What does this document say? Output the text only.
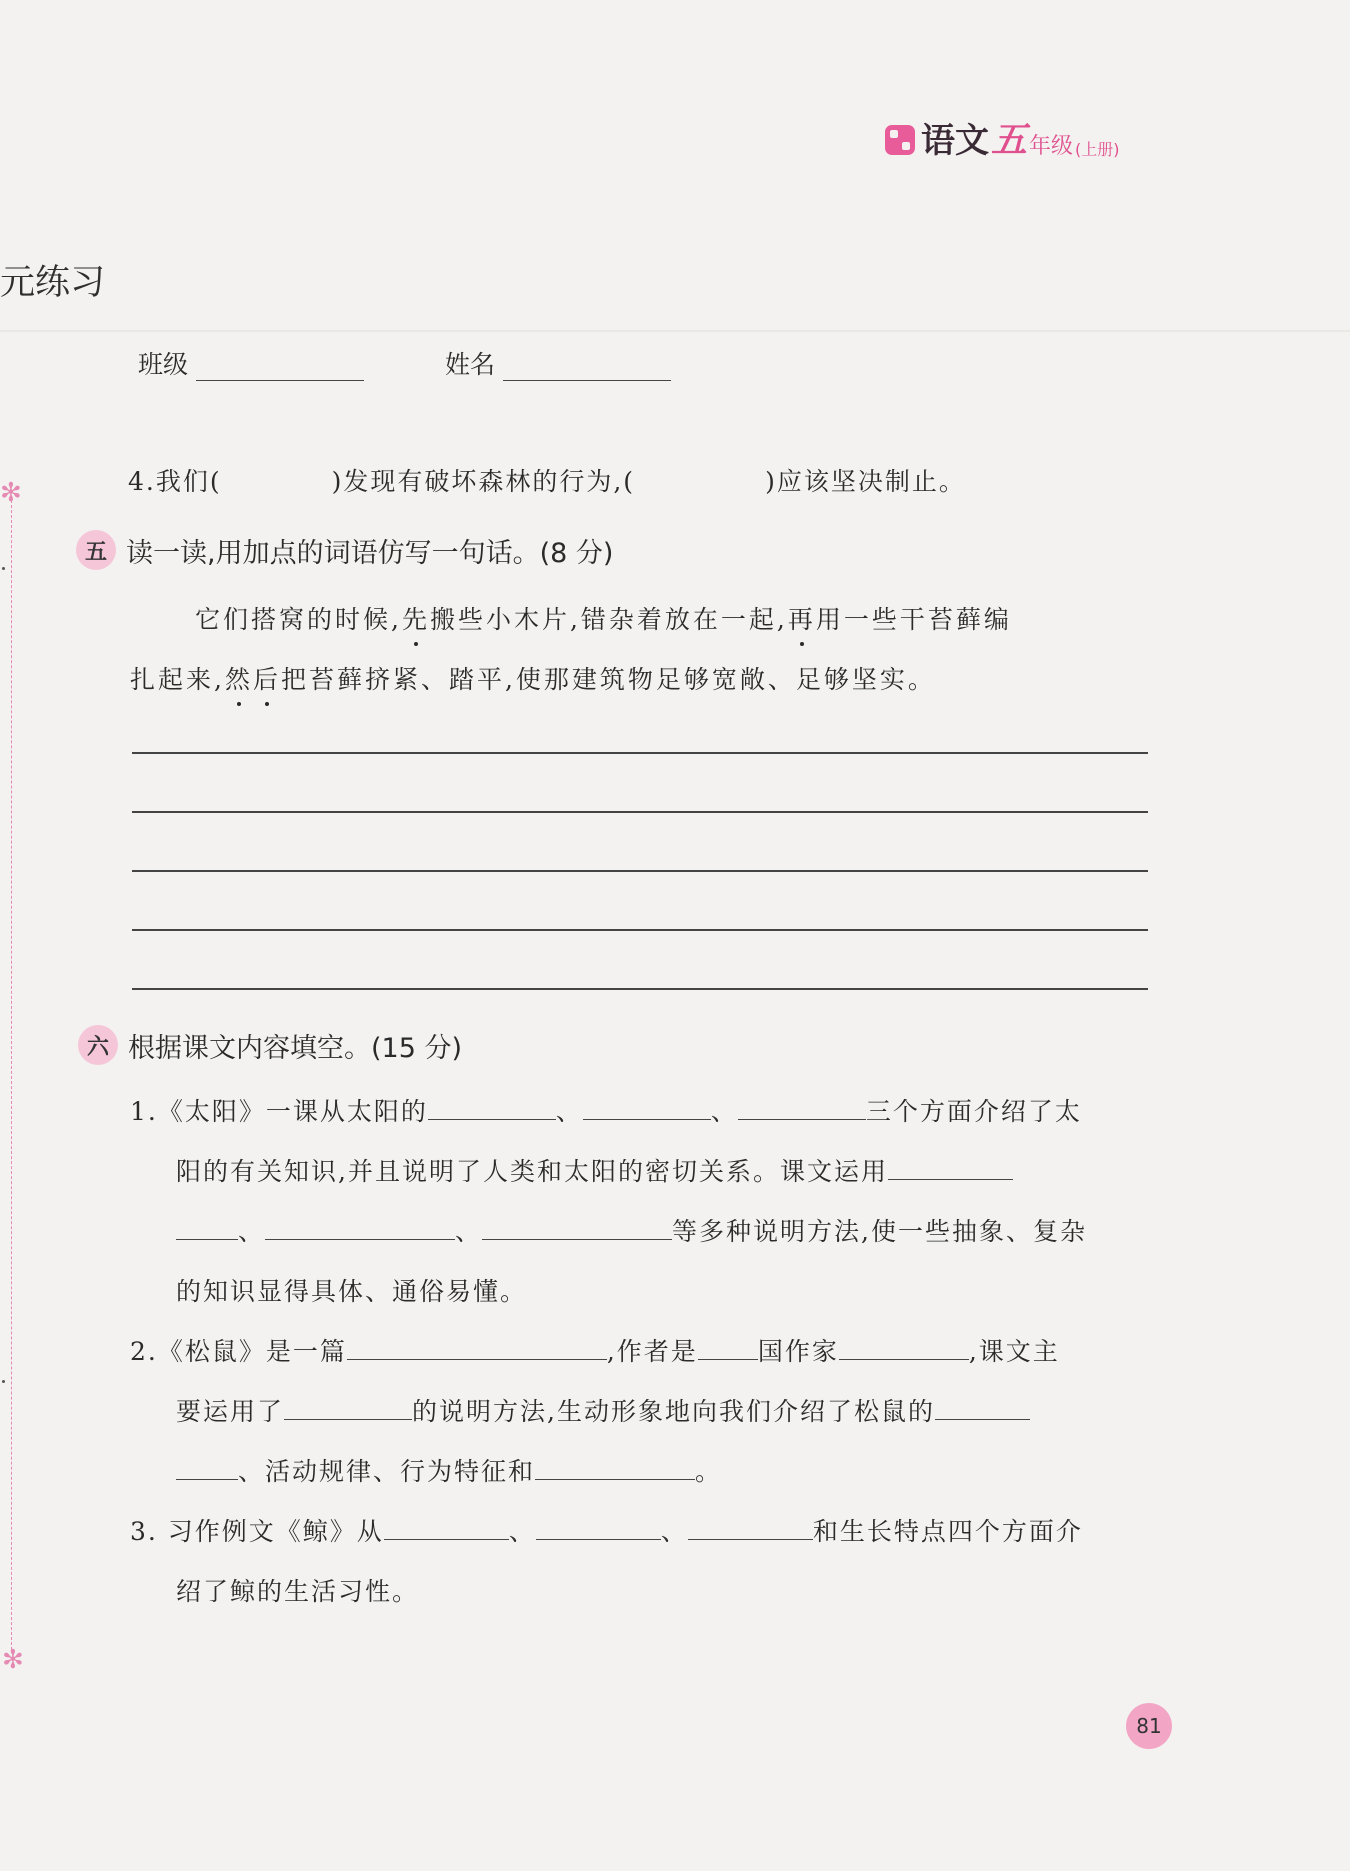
语文 五 年级 (上册)
元练习
班级	姓名
✻
✻
4.我们(	)发现有破坏森林的行为,(	)应该坚决制止。
五 读一读,用加点的词语仿写一句话。(8 分)
它们搭窝的时候,先搬些小木片,错杂着放在一起,再用一些干苔藓编
扎起来,然后把苔藓挤紧、踏平,使那建筑物足够宽敞、足够坚实。
六 根据课文内容填空。(15 分)
1.《太阳》一课从太阳的	、	、	三个方面介绍了太
阳的有关知识,并且说明了人类和太阳的密切关系。课文运用
、	、	等多种说明方法,使一些抽象、复杂
的知识显得具体、通俗易懂。
2.《松鼠》是一篇	,作者是 国作家	,课文主
要运用了	的说明方法,生动形象地向我们介绍了松鼠的
、活动规律、行为特征和	。
3. 习作例文《鲸》从	、	、	和生长特点四个方面介
绍了鲸的生活习性。
81
